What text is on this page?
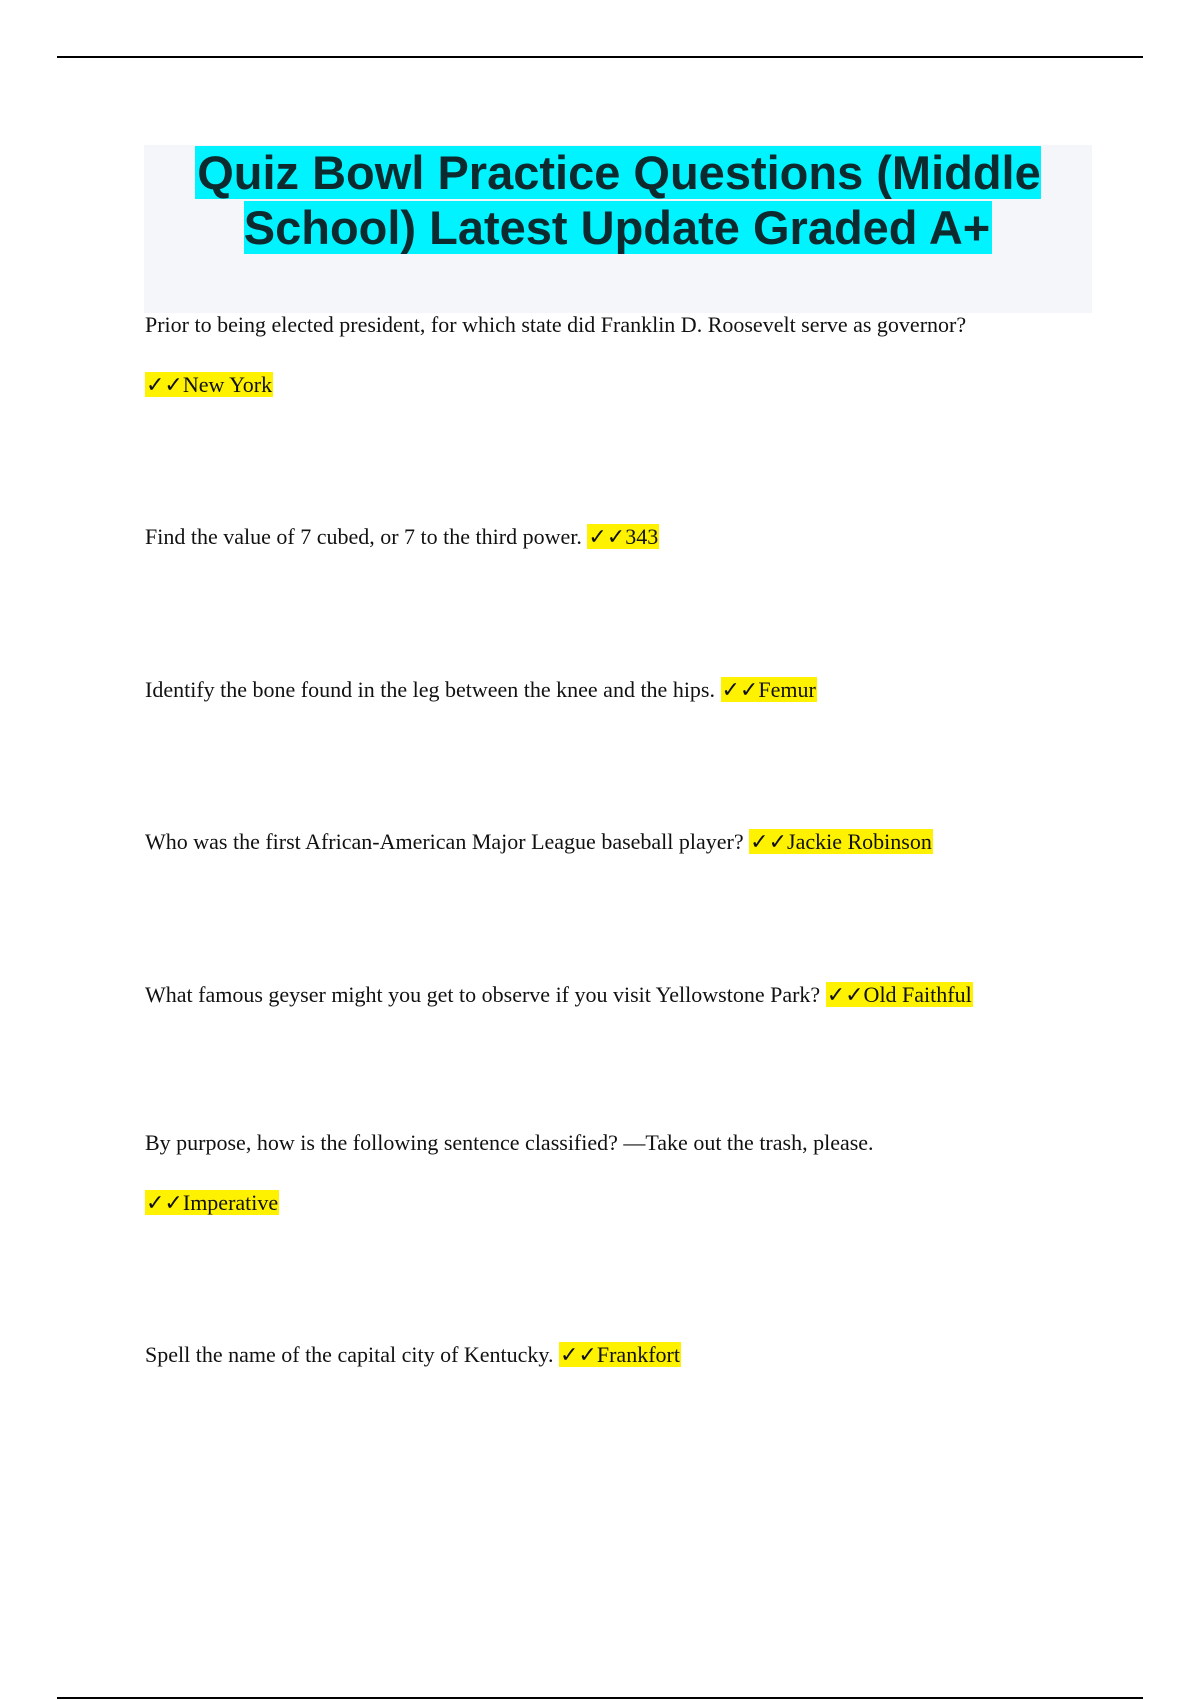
Quiz Bowl Practice Questions (Middle School) Latest Update Graded A+
Prior to being elected president, for which state did Franklin D. Roosevelt serve as governor?
✓✓New York
Find the value of 7 cubed, or 7 to the third power. ✓✓343
Identify the bone found in the leg between the knee and the hips. ✓✓Femur
Who was the first African-American Major League baseball player? ✓✓Jackie Robinson
What famous geyser might you get to observe if you visit Yellowstone Park? ✓✓Old Faithful
By purpose, how is the following sentence classified? ―Take out the trash, please.
✓✓Imperative
Spell the name of the capital city of Kentucky. ✓✓Frankfort
